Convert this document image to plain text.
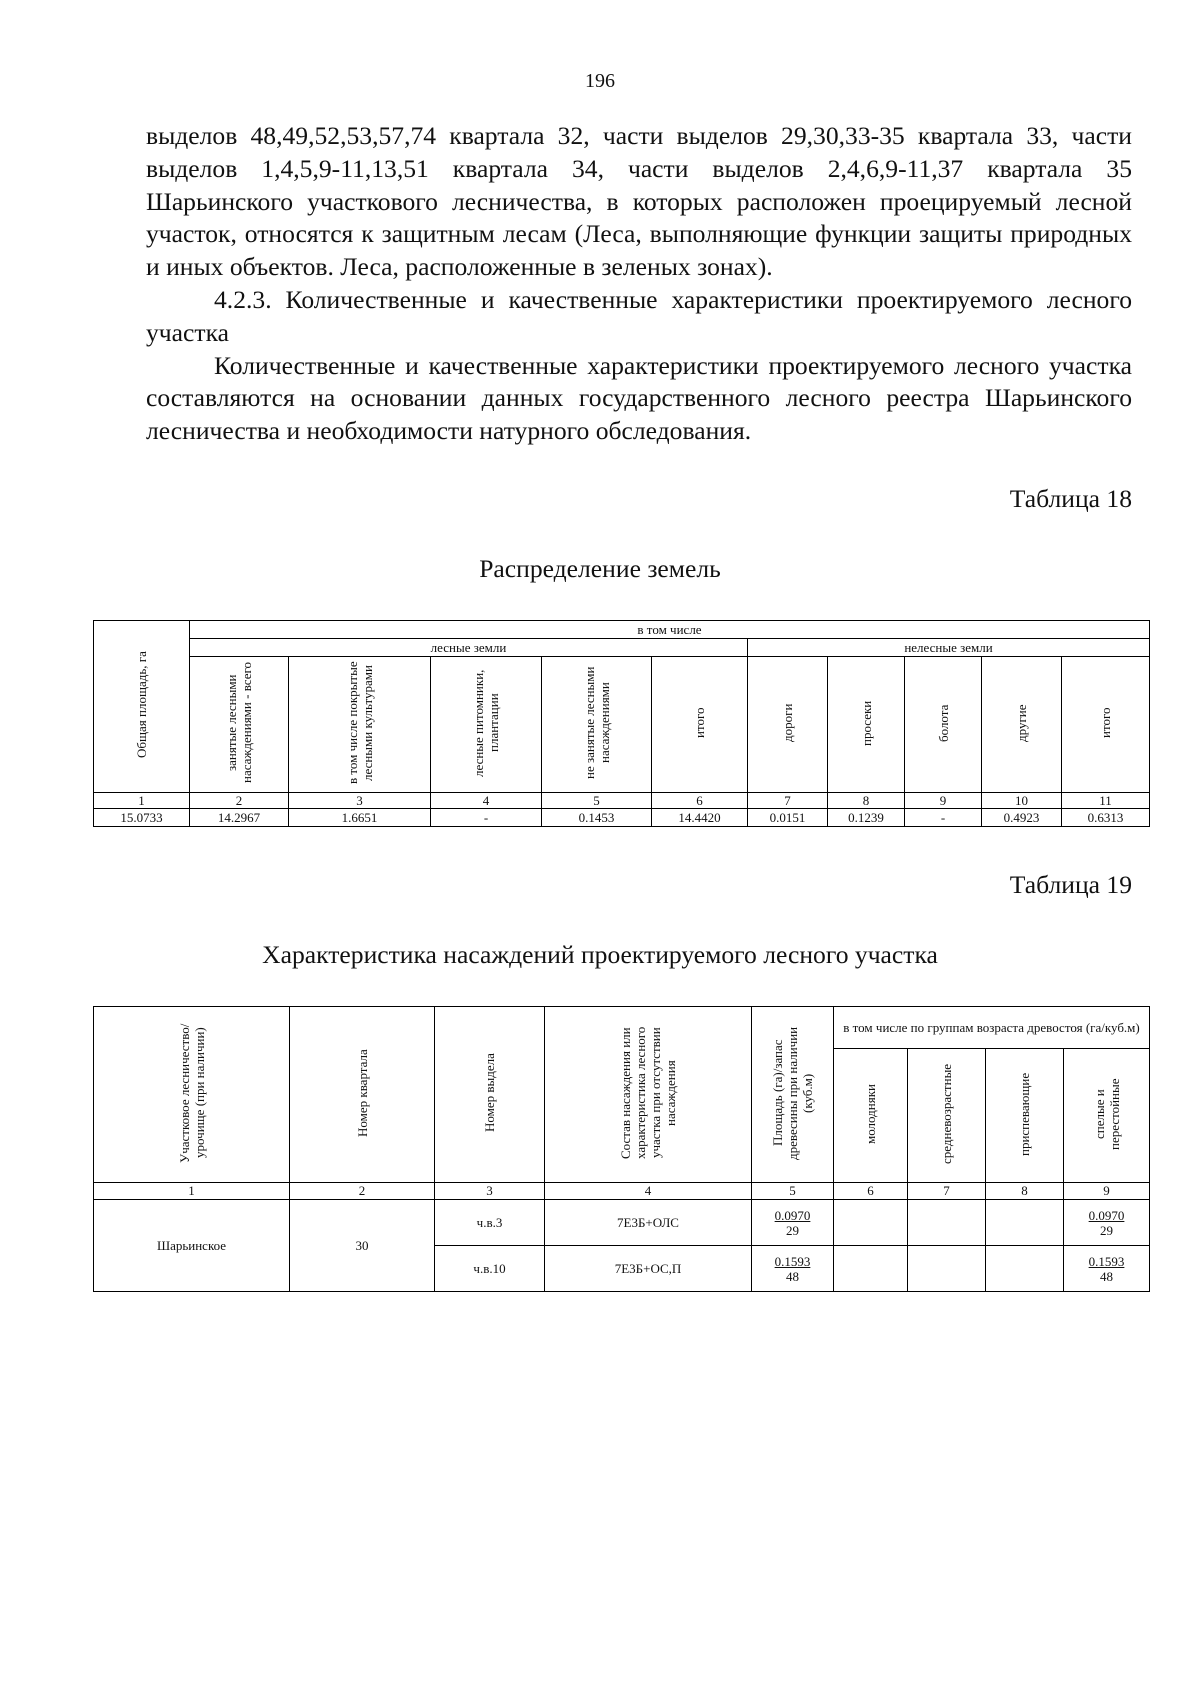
196

выделов 48,49,52,53,57,74 квартала 32, части выделов 29,30,33-35 квартала 33, части выделов 1,4,5,9-11,13,51 квартала 34, части выделов 2,4,6,9-11,37 квартала 35 Шарьинского участкового лесничества, в которых расположен проецируемый лесной участок, относятся к защитным лесам (Леса, выполняющие функции защиты природных и иных объектов. Леса, расположенные в зеленых зонах).

4.2.3. Количественные и качественные характеристики проектируемого лесного участка

Количественные и качественные характеристики проектируемого лесного участка составляются на основании данных государственного лесного реестра Шарьинского лесничества и необходимости натурного обследования.

Таблица 18
Распределение земель
Общая площадь, га	в том числе									
	лесные земли					нелесные земли				
	занятые лесными насаждениями - всего	в том числе покрытые лесными культурами	лесные питомники, плантации	не занятые лесными насаждениями	итого	дороги	просеки	болота	другие	итого
1	2	3	4	5	6	7	8	9	10	11
15.0733	14.2967	1.6651	-	0.1453	14.4420	0.0151	0.1239	-	0.4923	0.6313
Таблица 19
Характеристика насаждений проектируемого лесного участка
Участковое лесничество/урочище (при наличии)	Номер квартала	Номер выдела	Состав насаждения или характеристика лесного участка при отсутствии насаждения	Площадь (га)/запас древесины при наличии (куб.м)	в том числе по группам возраста древостоя (га/куб.м)			
					молодняки	средневозрастные	приспевающие	спелые и перестойные
1	2	3	4	5	6	7	8	9
Шарьинское	30	ч.в.3	7Е3Б+ОЛС	$\frac{0.0970}{29}$				$\frac{0.0970}{29}$

		ч.в.10	7Е3Б+ОС,П	$\frac{0.1593}{48}$				$\frac{0.1593}{48}$
